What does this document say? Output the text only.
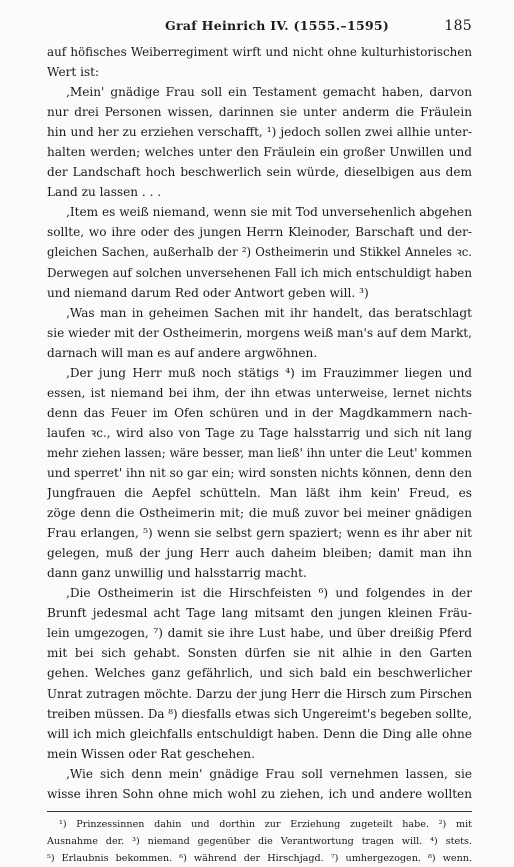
Graf Heinrich IV. (1555.–1595)	185
auf höfisches Weiberregiment wirft und nicht ohne kulturhistorischen
Wert ist:
‚Mein' gnädige Frau soll ein Testament gemacht haben, darvon
nur drei Personen wissen, darinnen sie unter anderm die Fräulein
hin und her zu erziehen verschafft, ¹) jedoch sollen zwei allhie unter-
halten werden; welches unter den Fräulein ein großer Unwillen und
der Landschaft hoch beschwerlich sein würde, dieselbigen aus dem
Land zu lassen . . .
‚Item es weiß niemand, wenn sie mit Tod unversehenlich abgehen
sollte, wo ihre oder des jungen Herrn Kleinoder, Barschaft und der-
gleichen Sachen, außerhalb der ²) Ostheimerin und Stikkel Anneles ꝛc.
Derwegen auf solchen unversehenen Fall ich mich entschuldigt haben
und niemand darum Red oder Antwort geben will. ³)
‚Was man in geheimen Sachen mit ihr handelt, das beratschlagt
sie wieder mit der Ostheimerin, morgens weiß man's auf dem Markt,
darnach will man es auf andere argwöhnen.
‚Der jung Herr muß noch stätigs ⁴) im Frauzimmer liegen und
essen, ist niemand bei ihm, der ihn etwas unterweise, lernet nichts
denn das Feuer im Ofen schüren und in der Magdkammern nach-
laufen ꝛc., wird also von Tage zu Tage halsstarrig und sich nit lang
mehr ziehen lassen; wäre besser, man ließ' ihn unter die Leut' kommen
und sperret' ihn nit so gar ein; wird sonsten nichts können, denn den
Jungfrauen die Aepfel schütteln. Man läßt ihm kein' Freud, es
zöge denn die Ostheimerin mit; die muß zuvor bei meiner gnädigen
Frau erlangen, ⁵) wenn sie selbst gern spaziert; wenn es ihr aber nit
gelegen, muß der jung Herr auch daheim bleiben; damit man ihn
dann ganz unwillig und halsstarrig macht.
‚Die Ostheimerin ist die Hirschfeisten ⁶) und folgendes in der
Brunft jedesmal acht Tage lang mitsamt den jungen kleinen Fräu-
lein umgezogen, ⁷) damit sie ihre Lust habe, und über dreißig Pferd
mit bei sich gehabt. Sonsten dürfen sie nit alhie in den Garten
gehen. Welches ganz gefährlich, und sich bald ein beschwerlicher
Unrat zutragen möchte. Darzu der jung Herr die Hirsch zum Pirschen
treiben müssen. Da ⁸) diesfalls etwas sich Ungereimt's begeben sollte,
will ich mich gleichfalls entschuldigt haben. Denn die Ding alle ohne
mein Wissen oder Rat geschehen.
‚Wie sich denn mein' gnädige Frau soll vernehmen lassen, sie
wisse ihren Sohn ohne mich wohl zu ziehen, ich und andere wollten
¹) Prinzessinnen dahin und dorthin zur Erziehung zugeteilt habe. ²) mit
Ausnahme der. ³) niemand gegenüber die Verantwortung tragen will. ⁴) stets.
⁵) Erlaubnis bekommen. ⁶) während der Hirschjagd. ⁷) umhergezogen. ⁸) wenn.
